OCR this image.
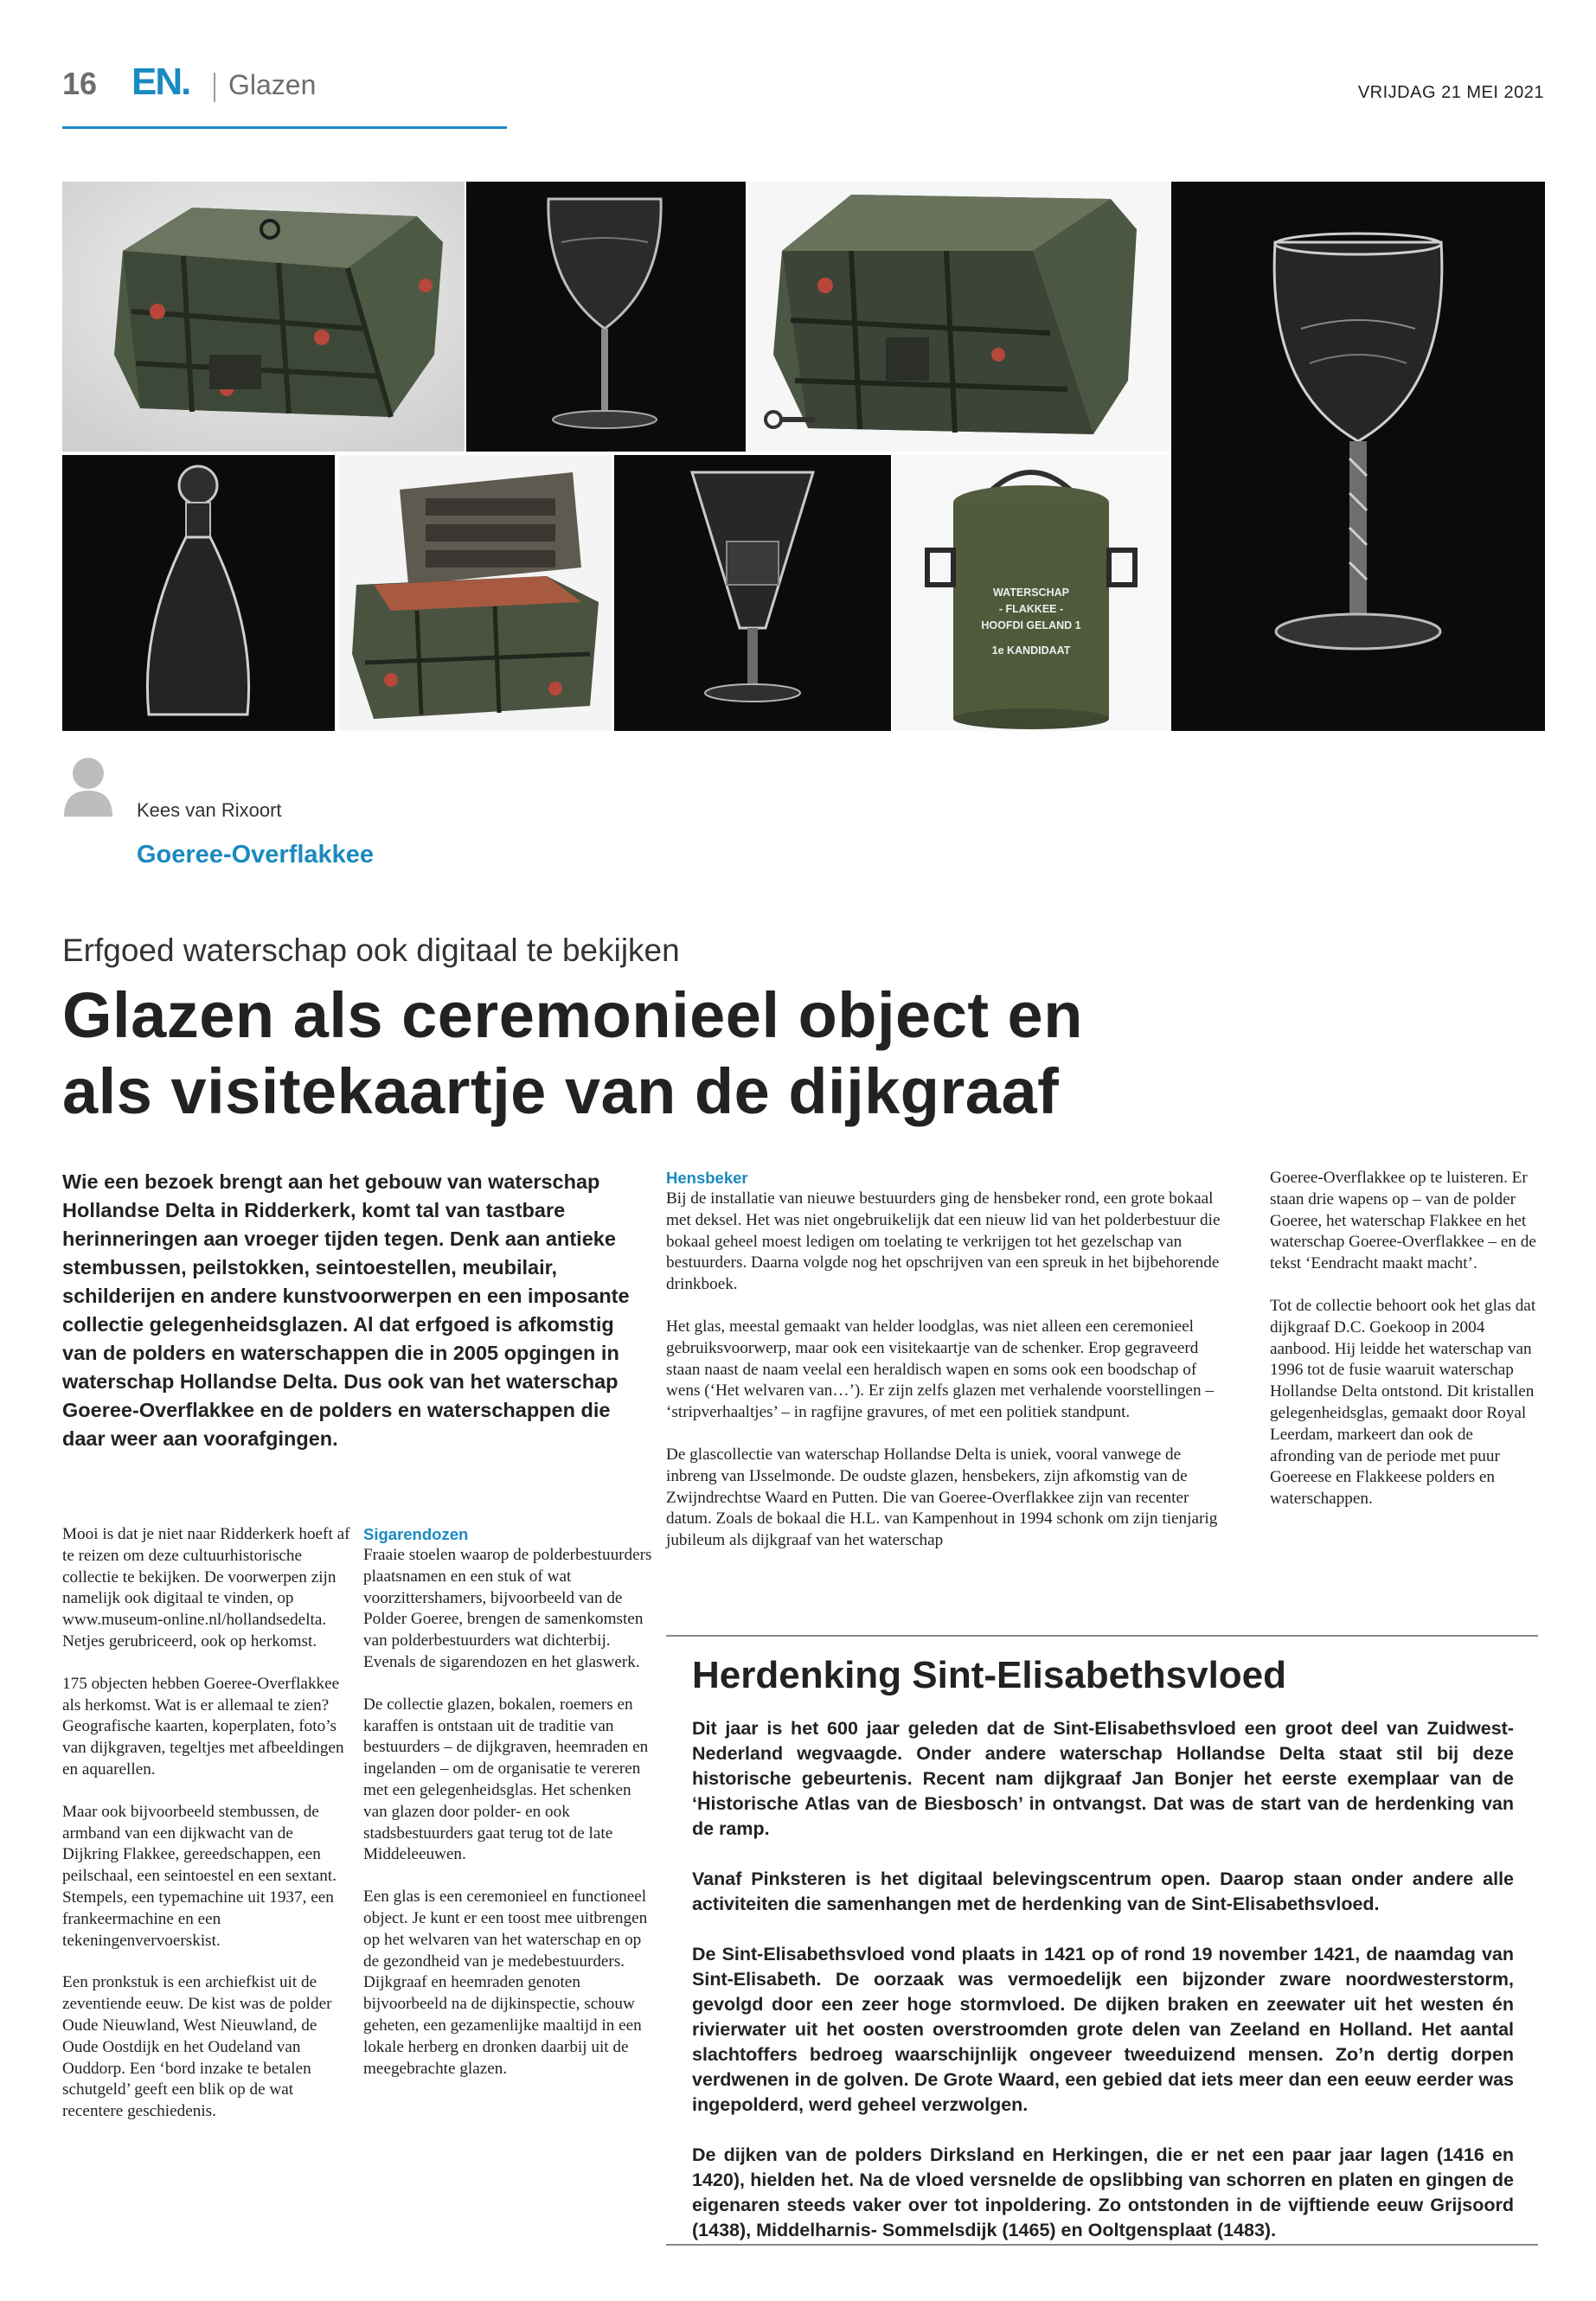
16 EN. Glazen	VRIJDAG 21 MEI 2021
WATERSCHAP
- FLAKKEE -
HOOFDI GELAND 1
1e KANDIDAAT
Kees van Rixoort
Goeree-Overflakkee
Erfgoed waterschap ook digitaal te bekijken
Glazen als ceremonieel object en
als visitekaartje van de dijkgraaf
Wie een bezoek brengt aan het gebouw van waterschap Hollandse Delta in Ridderkerk, komt tal van tastbare herinneringen aan vroeger tijden tegen. Denk aan antieke stembussen, peilstokken, seintoestellen, meubilair, schilderijen en andere kunstvoorwerpen en een imposante collectie gelegenheidsglazen. Al dat erfgoed is afkomstig van de polders en waterschappen die in 2005 opgingen in waterschap Hollandse Delta. Dus ook van het waterschap Goeree-Overflakkee en de polders en waterschappen die daar weer aan voorafgingen.

Mooi is dat je niet naar Ridderkerk hoeft af te reizen om deze cultuurhistorische collectie te bekijken. De voorwerpen zijn namelijk ook digitaal te vinden, op www.museum-online.nl/hollandsedelta. Netjes gerubriceerd, ook op herkomst.

175 objecten hebben Goeree-Overflakkee als herkomst. Wat is er allemaal te zien? Geografische kaarten, koperplaten, foto’s van dijkgraven, tegeltjes met afbeeldingen en aquarellen.

Maar ook bijvoorbeeld stembussen, de armband van een dijkwacht van de Dijkring Flakkee, gereedschappen, een peilschaal, een seintoestel en een sextant. Stempels, een typemachine uit 1937, een frankeermachine en een tekeningenvervoerskist.

Een pronkstuk is een archiefkist uit de zeventiende eeuw. De kist was de polder Oude Nieuwland, West Nieuwland, de Oude Oostdijk en het Oudeland van Ouddorp. Een ‘bord inzake te betalen schutgeld’ geeft een blik op de wat recentere geschiedenis.

Sigarendozen

Fraaie stoelen waarop de polderbestuurders plaatsnamen en een stuk of wat voorzittershamers, bijvoorbeeld van de Polder Goeree, brengen de samenkomsten van polderbestuurders wat dichterbij. Evenals de sigarendozen en het glaswerk.

De collectie glazen, bokalen, roemers en karaffen is ontstaan uit de traditie van bestuurders – de dijkgraven, heemraden en ingelanden – om de organisatie te vereren met een gelegenheidsglas. Het schenken van glazen door polder- en ook stadsbestuurders gaat terug tot de late Middeleeuwen.

Een glas is een ceremonieel en functioneel object. Je kunt er een toost mee uitbrengen op het welvaren van het waterschap en op de gezondheid van je medebestuurders. Dijkgraaf en heemraden genoten bijvoorbeeld na de dijkinspectie, schouw geheten, een gezamenlijke maaltijd in een lokale herberg en dronken daarbij uit de meegebrachte glazen.

Hensbeker

Bij de installatie van nieuwe bestuurders ging de hensbeker rond, een grote bokaal met deksel. Het was niet ongebruikelijk dat een nieuw lid van het polderbestuur die bokaal geheel moest ledigen om toelating te verkrijgen tot het gezelschap van bestuurders. Daarna volgde nog het opschrijven van een spreuk in het bijbehorende drinkboek.

Het glas, meestal gemaakt van helder loodglas, was niet alleen een ceremonieel gebruiksvoorwerp, maar ook een visitekaartje van de schenker. Erop gegraveerd staan naast de naam veelal een heraldisch wapen en soms ook een boodschap of wens (‘Het welvaren van…’). Er zijn zelfs glazen met verhalende voorstellingen – ‘stripverhaaltjes’ – in ragfijne gravures, of met een politiek standpunt.

De glascollectie van waterschap Hollandse Delta is uniek, vooral vanwege de inbreng van IJsselmonde. De oudste glazen, hensbekers, zijn afkomstig van de Zwijndrechtse Waard en Putten. Die van Goeree-Overflakkee zijn van recenter datum. Zoals de bokaal die H.L. van Kampenhout in 1994 schonk om zijn tienjarig jubileum als dijkgraaf van het waterschap

Goeree-Overflakkee op te luisteren. Er staan drie wapens op – van de polder Goeree, het waterschap Flakkee en het waterschap Goeree-Overflakkee – en de tekst ‘Eendracht maakt macht’.

Tot de collectie behoort ook het glas dat dijkgraaf D.C. Goekoop in 2004 aanbood. Hij leidde het waterschap van 1996 tot de fusie waaruit waterschap Hollandse Delta ontstond. Dit kristallen gelegenheidsglas, gemaakt door Royal Leerdam, markeert dan ook de afronding van de periode met puur Goereese en Flakkeese polders en waterschappen.

Herdenking Sint-Elisabethsvloed

Dit jaar is het 600 jaar geleden dat de Sint-Elisabethsvloed een groot deel van Zuidwest-Nederland wegvaagde. Onder andere waterschap Hollandse Delta staat stil bij deze historische gebeurtenis. Recent nam dijkgraaf Jan Bonjer het eerste exemplaar van de ‘Historische Atlas van de Biesbosch’ in ontvangst. Dat was de start van de herdenking van de ramp.

Vanaf Pinksteren is het digitaal belevingscentrum open. Daarop staan onder andere alle activiteiten die samenhangen met de herdenking van de Sint-Elisabethsvloed.

De Sint-Elisabethsvloed vond plaats in 1421 op of rond 19 november 1421, de naamdag van Sint-Elisabeth. De oorzaak was vermoedelijk een bijzonder zware noordwesterstorm, gevolgd door een zeer hoge stormvloed. De dijken braken en zeewater uit het westen én rivierwater uit het oosten overstroomden grote delen van Zeeland en Holland. Het aantal slachtoffers bedroeg waarschijnlijk ongeveer tweeduizend mensen. Zo’n dertig dorpen verdwenen in de golven. De Grote Waard, een gebied dat iets meer dan een eeuw eerder was ingepolderd, werd geheel verzwolgen.

De dijken van de polders Dirksland en Herkingen, die er net een paar jaar lagen (1416 en 1420), hielden het. Na de vloed versnelde de opslibbing van schorren en platen en gingen de eigenaren steeds vaker over tot inpoldering. Zo ontstonden in de vijftiende eeuw Grijsoord (1438), Middelharnis- Sommelsdijk (1465) en Ooltgensplaat (1483).
